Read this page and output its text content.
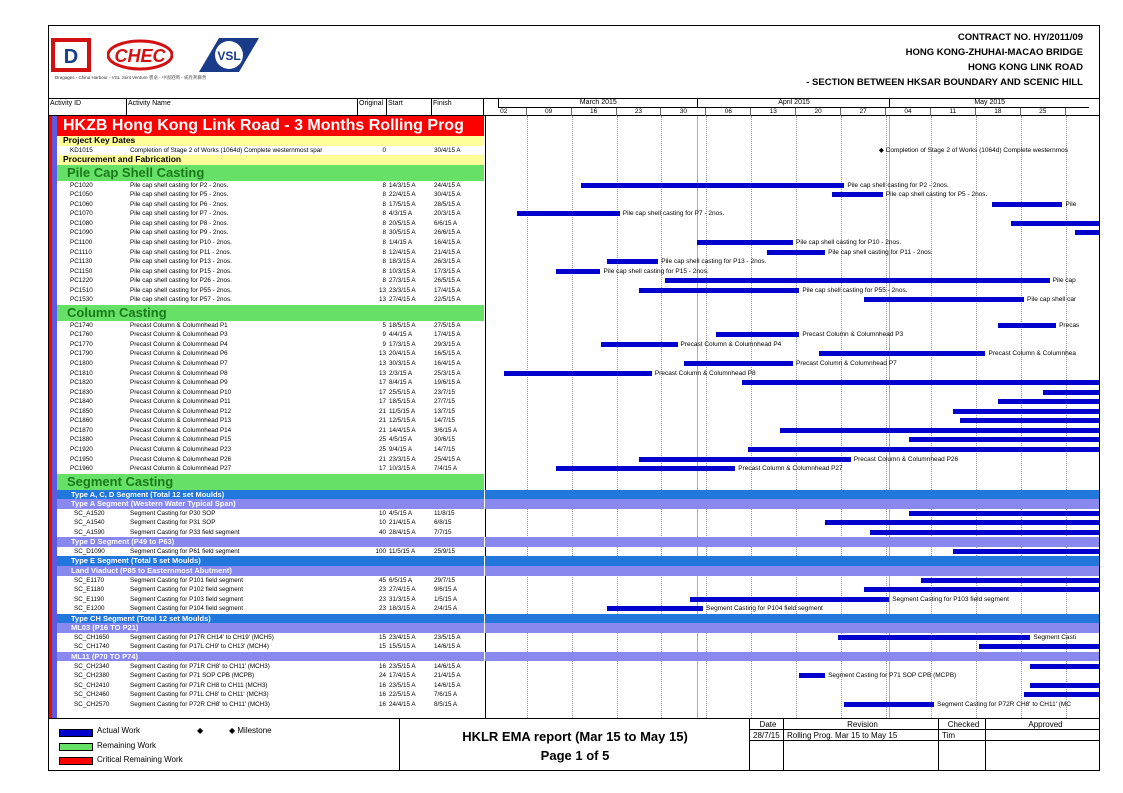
D CHEC	VSL
Dragages - China Harbour - VSL Joint Venture 寶嘉 - 中國港灣 - 威胜利聯營
CONTRACT NO. HY/2011/09
HONG KONG-ZHUHAI-MACAO BRIDGE
HONG KONG LINK ROAD
- SECTION BETWEEN HKSAR BOUNDARY AND SCENIC HILL
Activity ID	Activity Name	Original Start	Finish	March 2015	April 2015	May 2015
02	09	16	23	30	06	13	20	27	04	11	18	25
HKZB Hong Kong Link Road - 3 Months Rolling Prog
Project Key Dates
KD1015	Completion of Stage 2 of Works (1064d) Complete westernmost spar	0	30/4/15 A	◆ Completion of Stage 2 of Works (1064d) Complete westernmos
Procurement and Fabrication
Pile Cap Shell Casting
PC1020	Pile cap shell casting for P2 - 2nos.	8 14/3/15 A	24/4/15 A	Pile cap shell casting for P2 - 2nos.
PC1050	Pile cap shell casting for P5 - 2nos.	8 22/4/15 A	30/4/15 A	Pile cap shell casting for P5 - 2nos.
PC1060	Pile cap shell casting for P6 - 2nos.	8 17/5/15 A	28/5/15 A	Pile
PC1070	Pile cap shell casting for P7 - 2nos.	8 4/3/15 A	20/3/15 A	Pile cap shell casting for P7 - 2nos.
PC1080	Pile cap shell casting for P8 - 2nos.	8 20/5/15 A	6/6/15 A
PC1090	Pile cap shell casting for P9 - 2nos.	8 30/5/15 A	26/6/15 A
PC1100	Pile cap shell casting for P10 - 2nos.	8 1/4/15 A	16/4/15 A	Pile cap shell casting for P10 - 2nos.
PC1110	Pile cap shell casting for P11 - 2nos.	8 12/4/15 A	21/4/15 A	Pile cap shell casting for P11 - 2nos.
PC1130	Pile cap shell casting for P13 - 2nos.	8 18/3/15 A	26/3/15 A	Pile cap shell casting for P13 - 2nos.
PC1150	Pile cap shell casting for P15 - 2nos.	8 10/3/15 A	17/3/15 A	Pile cap shell casting for P15 - 2nos.
PC1220	Pile cap shell casting for P26 - 2nos.	8 27/3/15 A	26/5/15 A	Pile cap
PC1510	Pile cap shell casting for P55 - 2nos.	13 23/3/15 A	17/4/15 A	Pile cap shell casting for P55 - 2nos.
PC1530	Pile cap shell casting for P57 - 2nos.	13 27/4/15 A	22/5/15 A	Pile cap shell car
Column Casting
PC1740	Precast Column & Columnhead P1	5 18/5/15 A	27/5/15 A	Precas
PC1760	Precast Column & Columnhead P3	9 4/4/15 A	17/4/15 A	Precast Column & Columnhead P3
PC1770	Precast Column & Columnhead P4	9 17/3/15 A	29/3/15 A	Precast Column & Columnhead P4
PC1790	Precast Column & Columnhead P6	13 20/4/15 A	16/5/15 A	Precast Column & Columnhea
PC1800	Precast Column & Columnhead P7	13 30/3/15 A	16/4/15 A	Precast Column & Columnhead P7
PC1810	Precast Column & Columnhead P8	13 2/3/15 A	25/3/15 A	Precast Column & Columnhead P8
PC1820	Precast Column & Columnhead P9	17 8/4/15 A	19/6/15 A
PC1830	Precast Column & Columnhead P10	17 25/5/15 A	23/7/15
PC1840	Precast Column & Columnhead P11	17 18/5/15 A	27/7/15
PC1850	Precast Column & Columnhead P12	21 11/5/15 A	13/7/15
PC1860	Precast Column & Columnhead P13	21 12/5/15 A	14/7/15
PC1870	Precast Column & Columnhead P14	21 14/4/15 A	3/6/15 A
PC1880	Precast Column & Columnhead P15	25 4/5/15 A	30/6/15
PC1920	Precast Column & Columnhead P23	25 9/4/15 A	14/7/15
PC1950	Precast Column & Columnhead P26	21 23/3/15 A	25/4/15 A	Precast Column & Columnhead P26
PC1960	Precast Column & Columnhead P27	17 10/3/15 A	7/4/15 A	Precast Column & Columnhead P27
Segment Casting
Type A, C, D Segment (Total 12 set Moulds)
Type A Segment (Western Water Typical Span)
SC_A1520	Segment Casting for P30 SOP	10 4/5/15 A	11/8/15
SC_A1540	Segment Casting for P31 SOP	10 21/4/15 A	6/8/15
SC_A1590	Segment Casting for P33 field segment	40 28/4/15 A	7/7/15
Type D Segment (P49 to P63)
SC_D1090	Segment Casting for P61 field segment	100 11/5/15 A	25/9/15
Type E Segment (Total 5 set Moulds)
Land Viaduct (P85 to Easternmost Abutment)
SC_E1170	Segment Casting for P101 field segment	45 6/5/15 A	29/7/15
SC_E1180	Segment Casting for P102 field segment	23 27/4/15 A	9/6/15 A
SC_E1190	Segment Casting for P103 field segment	23 31/3/15 A	1/5/15 A	Segment Casting for P103 field segment
SC_E1200	Segment Casting for P104 field segment	23 18/3/15 A	2/4/15 A	Segment Casting for P104 field segment
Type CH Segment (Total 12 set Moulds)
ML03 (P16 TO P21)
SC_CH1650	Segment Casting for P17R CH14' to CH19' (MCH5)	15 23/4/15 A	23/5/15 A	Segment Casti
SC_CH1740	Segment Casting for P17L CH9' to CH13' (MCH4)	15 15/5/15 A	14/6/15 A
ML11 (P70 TO P74)
SC_CH2340	Segment Casting for P71R CH8' to CH11' (MCH3)	16 23/5/15 A	14/6/15 A
SC_CH2380	Segment Casting for P71 SOP CPB (MCPB)	24 17/4/15 A	21/4/15 A	Segment Casting for P71 SOP CPB (MCPB)
SC_CH2410	Segment Casting for P71R CH8 to CH11 (MCH3)	16 23/5/15 A	14/6/15 A
SC_CH2460	Segment Casting for P71L CH8' to CH11' (MCH3)	16 22/5/15 A	7/6/15 A
SC_CH2570	Segment Casting for P72R CH8' to CH11' (MCH3)	16 24/4/15 A	8/5/15 A	Segment Casting for P72R CH8' to CH11' (MC
Actual Work
Remaining Work
Critical Remaining Work
◆	◆ Milestone	HKLR EMA report (Mar 15 to May 15)
Page 1 of 5
Date	Revision	Checked	Approved
28/7/15 Rolling Prog. Mar 15 to May 15	Tim
